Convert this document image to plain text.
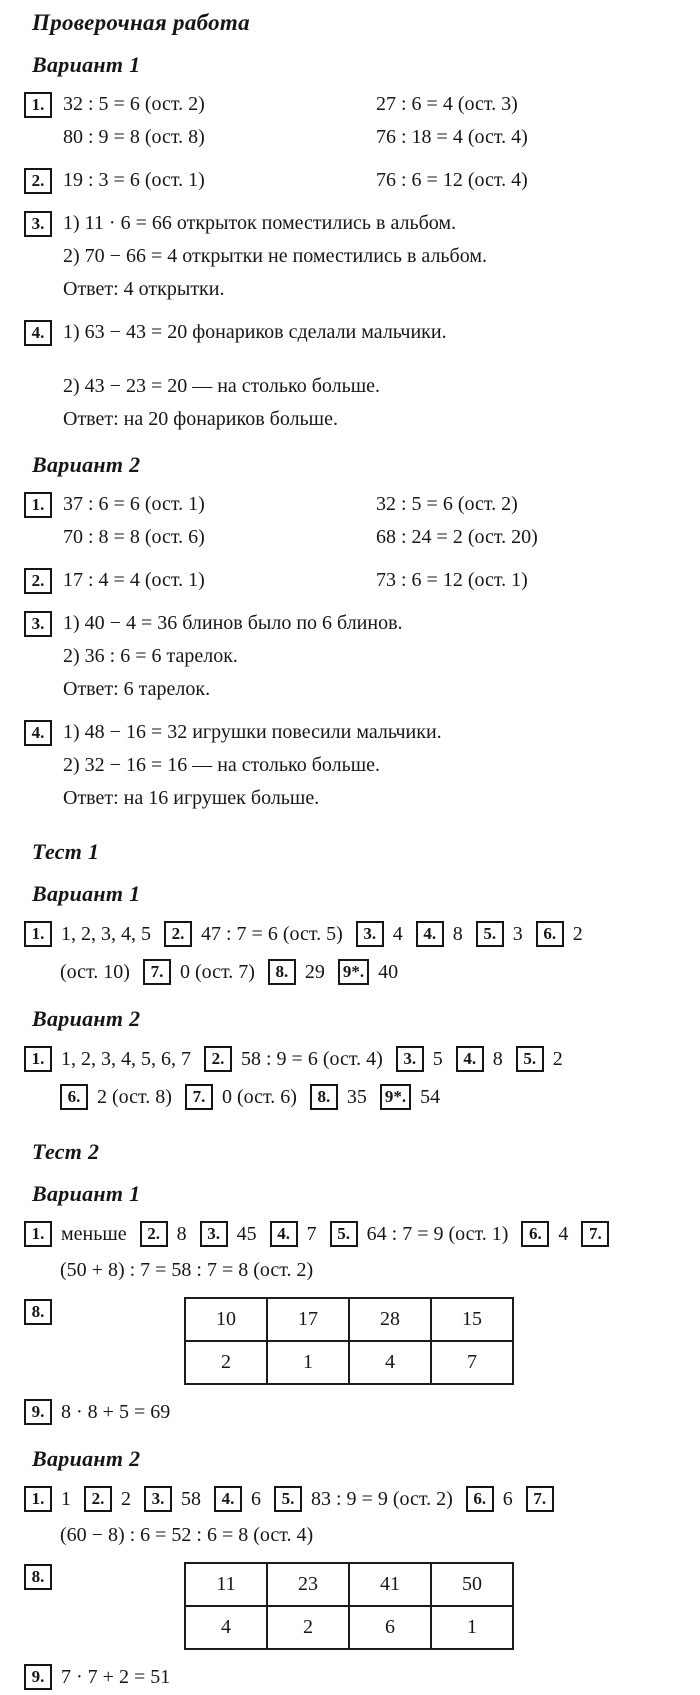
Проверочная работа
Вариант 1
1. 32 : 5 = 6 (ост. 2)	27 : 6 = 4 (ост. 3)
80 : 9 = 8 (ост. 8)	76 : 18 = 4 (ост. 4)
2. 19 : 3 = 6 (ост. 1)	76 : 6 = 12 (ост. 4)
3. 1) 11 · 6 = 66 открыток поместились в альбом.
2) 70 − 66 = 4 открытки не поместились в альбом.
Ответ: 4 открытки.
4. 1) 63 − 43 = 20 фонариков сделали мальчики.
2) 43 − 23 = 20 — на столько больше.
Ответ: на 20 фонариков больше.
Вариант 2
1. 37 : 6 = 6 (ост. 1)	32 : 5 = 6 (ост. 2)
70 : 8 = 8 (ост. 6)	68 : 24 = 2 (ост. 20)
2. 17 : 4 = 4 (ост. 1)	73 : 6 = 12 (ост. 1)
3. 1) 40 − 4 = 36 блинов было по 6 блинов.
2) 36 : 6 = 6 тарелок.
Ответ: 6 тарелок.
4. 1) 48 − 16 = 32 игрушки повесили мальчики.
2) 32 − 16 = 16 — на столько больше.
Ответ: на 16 игрушек больше.
Тест 1
Вариант 1
1. 1, 2, 3, 4, 5	2. 47 : 7 = 6 (ост. 5)	3. 4	4. 8	5. 3	6. 2
(ост. 10)	7. 0 (ост. 7)	8. 29 9*. 40
Вариант 2
1. 1, 2, 3, 4, 5, 6, 7	2. 58 : 9 = 6 (ост. 4)	3. 5	4. 8	5. 2
6. 2 (ост. 8)	7. 0 (ост. 6)	8. 35 9*. 54
Тест 2
Вариант 1
1. меньше	2. 8	3. 45	4. 7	5. 64 : 7 = 9 (ост. 1)	6. 4	7.
(50 + 8) : 7 = 58 : 7 = 8 (ост. 2)
8.	10	17	28	15
2	1	4	7
9. 8 · 8 + 5 = 69
Вариант 2
1. 1	2. 2	3. 58	4. 6	5. 83 : 9 = 9 (ост. 2)	6. 6	7.
(60 − 8) : 6 = 52 : 6 = 8 (ост. 4)
8.	11	23	41	50
4	2	6	1
9. 7 · 7 + 2 = 51
